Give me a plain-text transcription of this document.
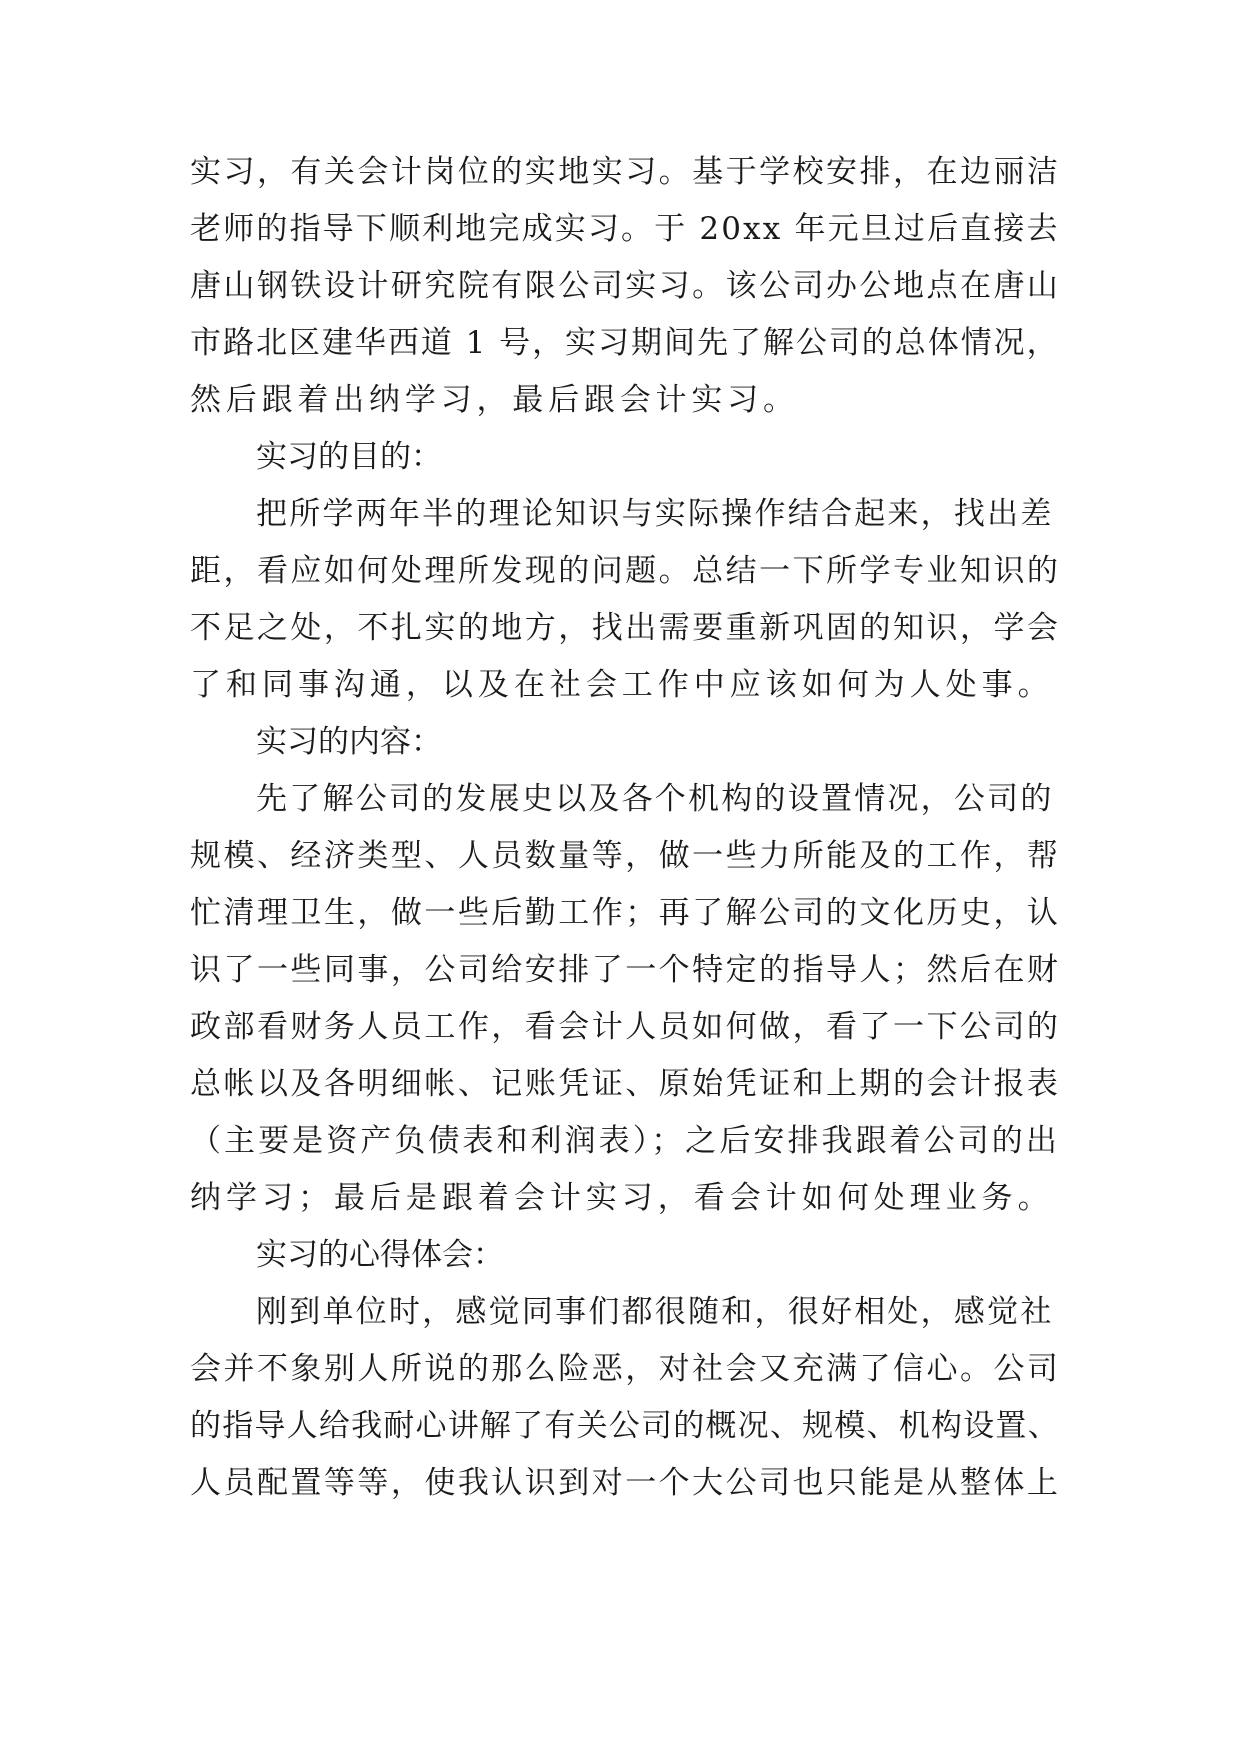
实习，有关会计岗位的实地实习。基于学校安排，在边丽洁
老师的指导下顺利地完成实习。于 20xx 年元旦过后直接去
唐山钢铁设计研究院有限公司实习。该公司办公地点在唐山
市路北区建华西道 1 号，实习期间先了解公司的总体情况，
然后跟着出纳学习，最后跟会计实习。
实习的目的：
把所学两年半的理论知识与实际操作结合起来，找出差
距，看应如何处理所发现的问题。总结一下所学专业知识的
不足之处，不扎实的地方，找出需要重新巩固的知识，学会
了和同事沟通，以及在社会工作中应该如何为人处事。
实习的内容：
先了解公司的发展史以及各个机构的设置情况，公司的
规模、经济类型、人员数量等，做一些力所能及的工作，帮
忙清理卫生，做一些后勤工作；再了解公司的文化历史，认
识了一些同事，公司给安排了一个特定的指导人；然后在财
政部看财务人员工作，看会计人员如何做，看了一下公司的
总帐以及各明细帐、记账凭证、原始凭证和上期的会计报表
（主要是资产负债表和利润表）；之后安排我跟着公司的出
纳学习；最后是跟着会计实习，看会计如何处理业务。
实习的心得体会：
刚到单位时，感觉同事们都很随和，很好相处，感觉社
会并不象别人所说的那么险恶，对社会又充满了信心。公司
的指导人给我耐心讲解了有关公司的概况、规模、机构设置、
人员配置等等，使我认识到对一个大公司也只能是从整体上
